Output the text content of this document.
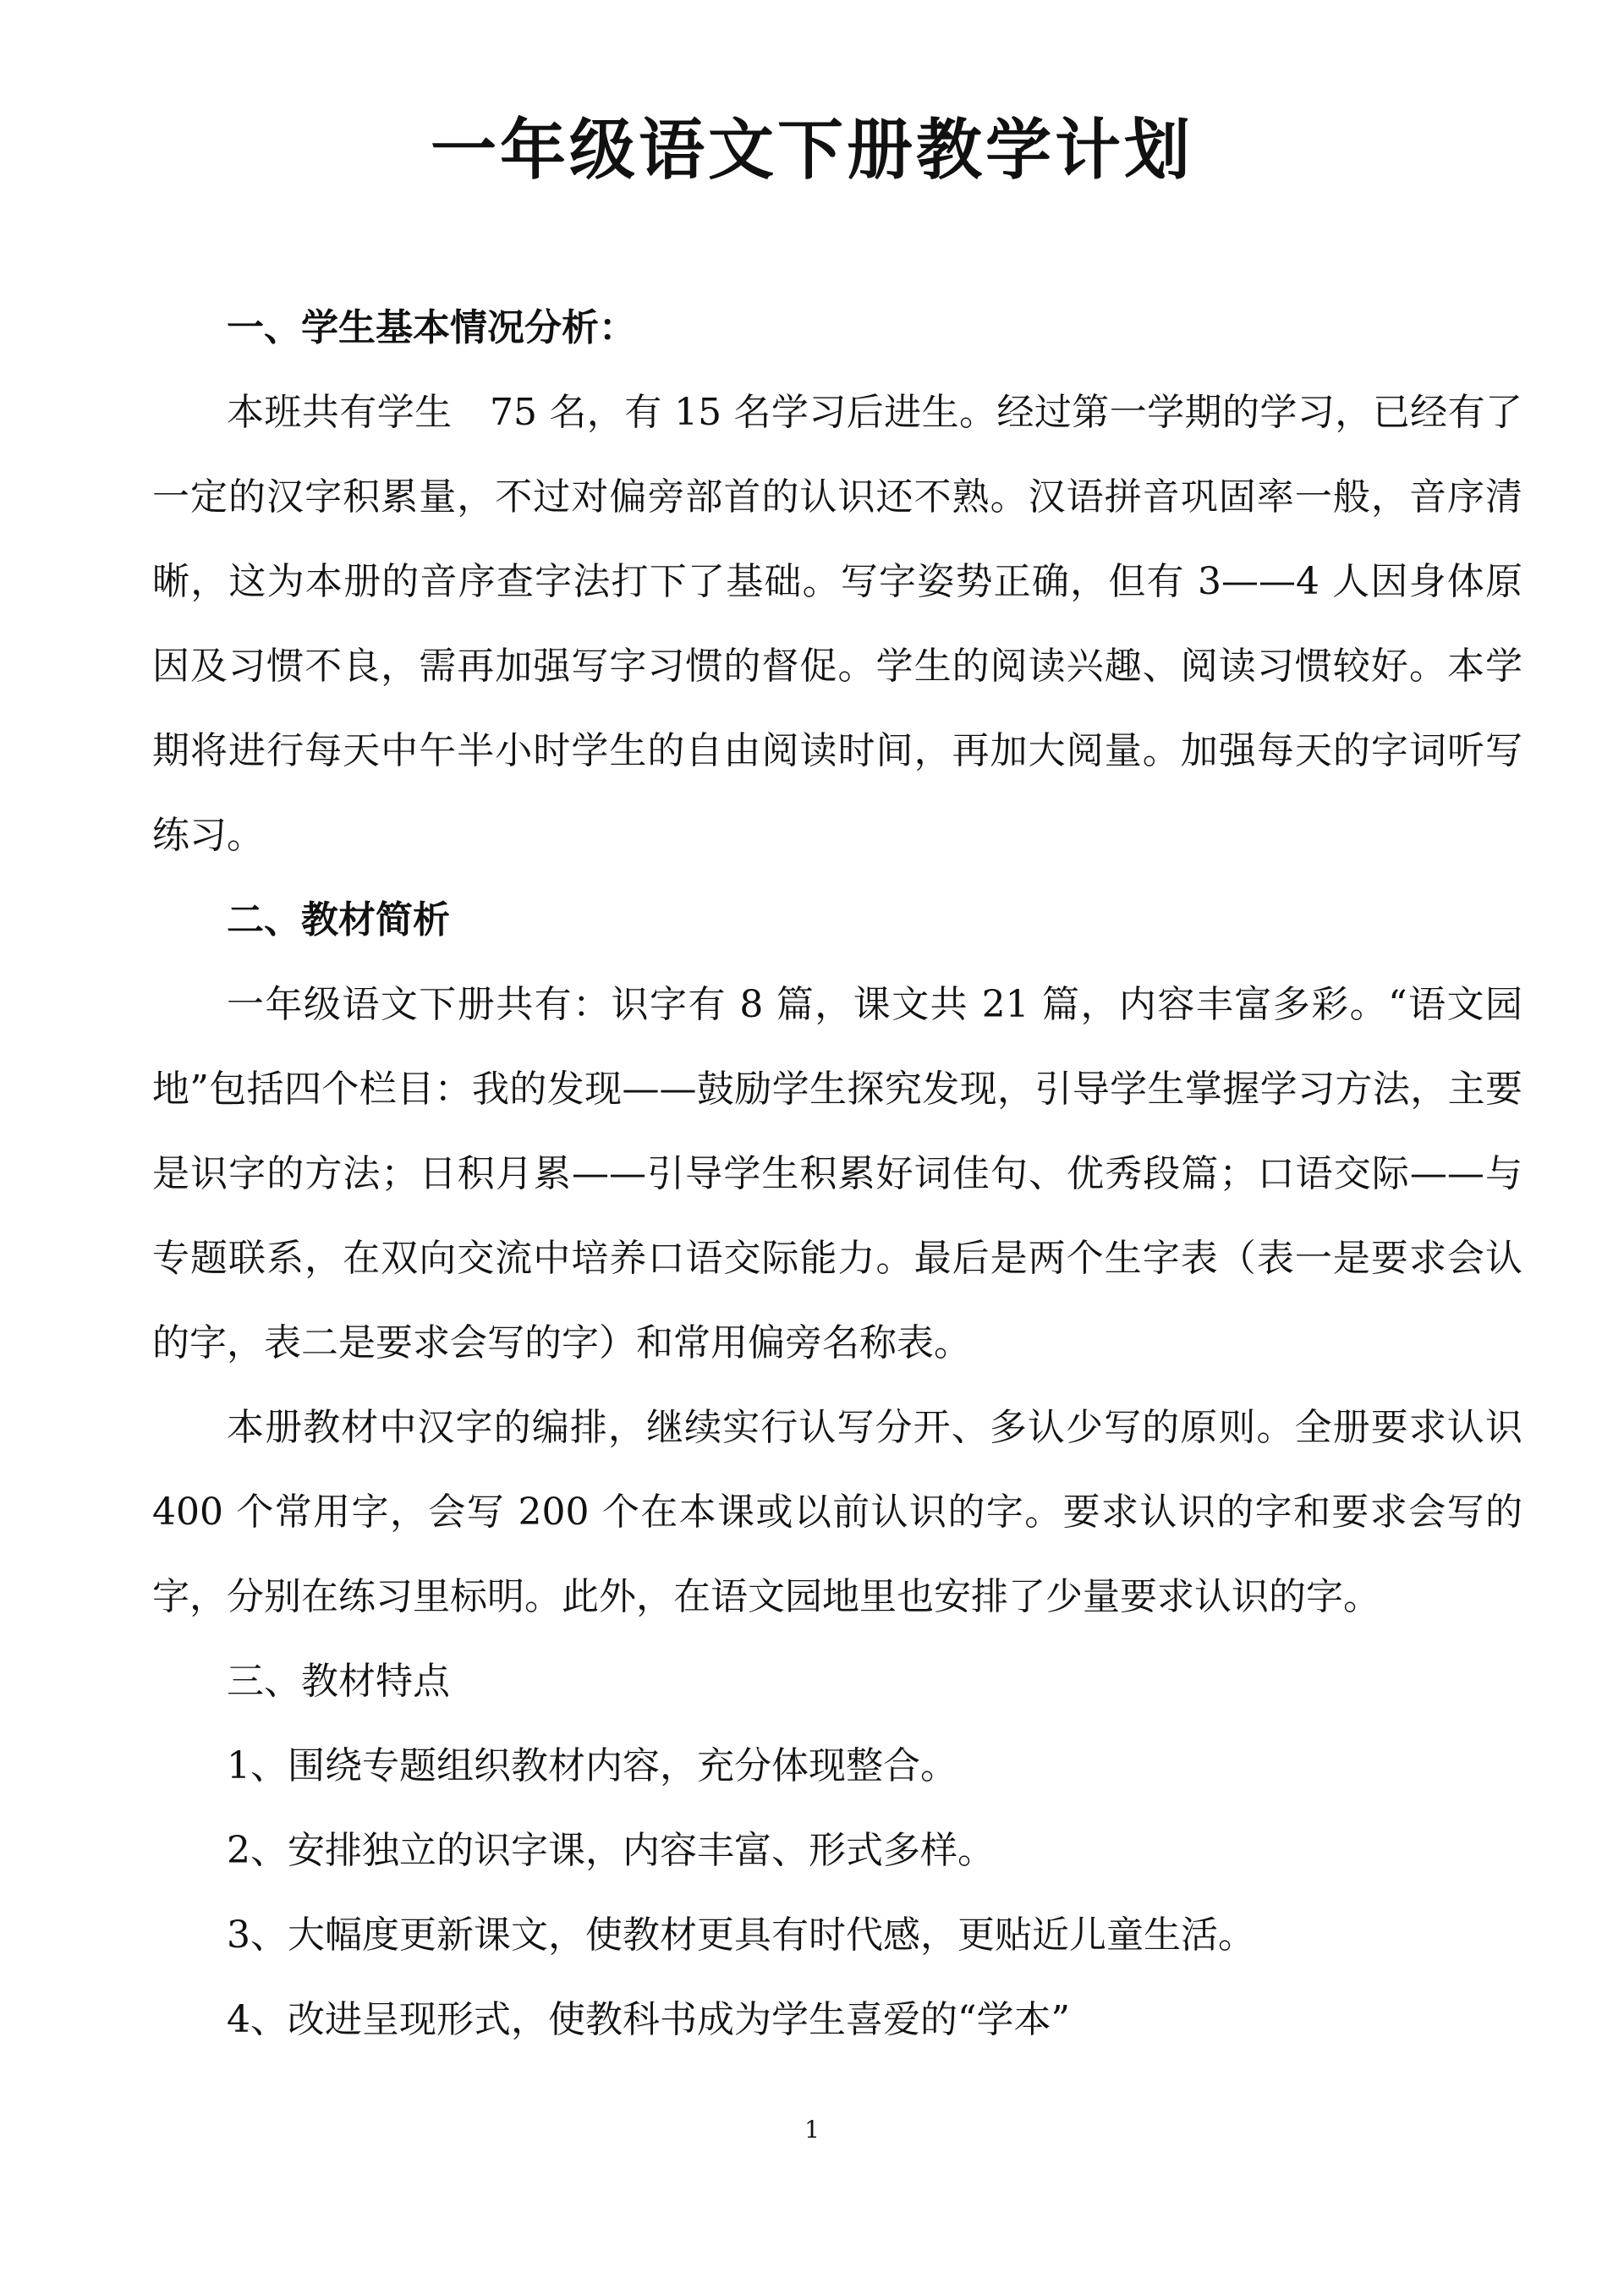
一年级语文下册教学计划

一、学生基本情况分析：

本班共有学生　75 名，有 15 名学习后进生。经过第一学期的学习，已经有了一定的汉字积累量，不过对偏旁部首的认识还不熟。汉语拼音巩固率一般，音序清晰，这为本册的音序查字法打下了基础。写字姿势正确，但有 3——4 人因身体原因及习惯不良，需再加强写字习惯的督促。学生的阅读兴趣、阅读习惯较好。本学期将进行每天中午半小时学生的自由阅读时间，再加大阅量。加强每天的字词听写练习。

二、教材简析

一年级语文下册共有：识字有 8 篇，课文共 21 篇，内容丰富多彩。“语文园地”包括四个栏目：我的发现——鼓励学生探究发现，引导学生掌握学习方法，主要是识字的方法；日积月累——引导学生积累好词佳句、优秀段篇；口语交际——与专题联系，在双向交流中培养口语交际能力。最后是两个生字表（表一是要求会认的字，表二是要求会写的字）和常用偏旁名称表。

本册教材中汉字的编排，继续实行认写分开、多认少写的原则。全册要求认识 400 个常用字，会写 200 个在本课或以前认识的字。要求认识的字和要求会写的字，分别在练习里标明。此外，在语文园地里也安排了少量要求认识的字。

三、教材特点

1、围绕专题组织教材内容，充分体现整合。

2、安排独立的识字课，内容丰富、形式多样。

3、大幅度更新课文，使教材更具有时代感，更贴近儿童生活。

4、改进呈现形式，使教科书成为学生喜爱的“学本”

1
